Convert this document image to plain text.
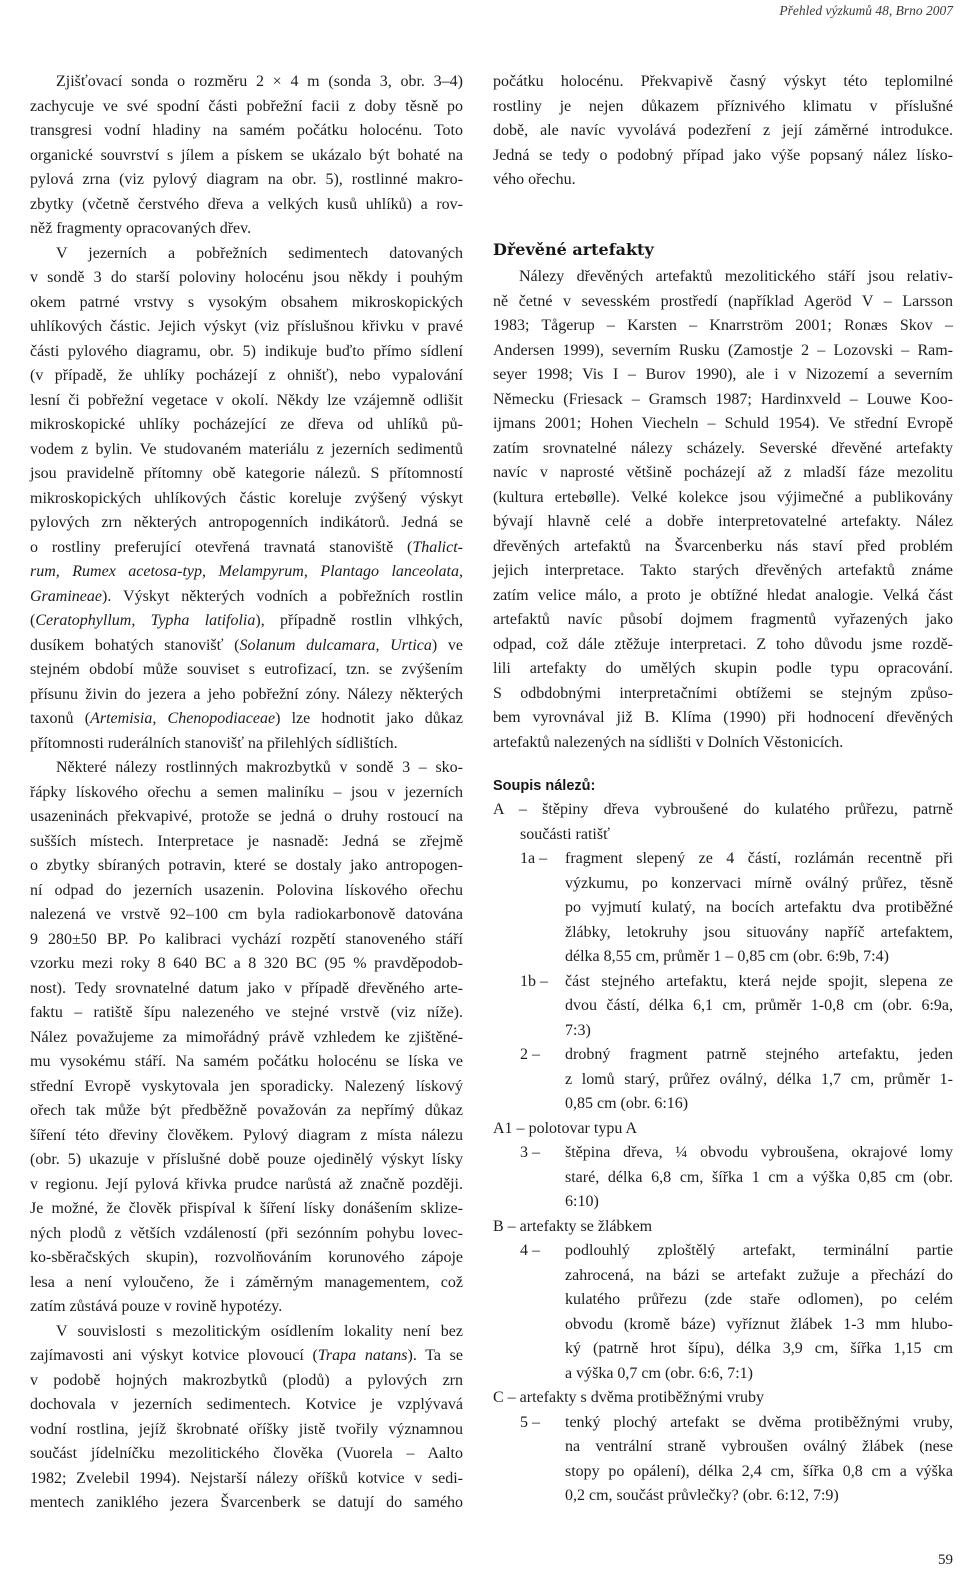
Přehled výzkumů 48, Brno 2007
Zjišťovací sonda o rozměru 2 × 4 m (sonda 3, obr. 3–4)
zachycuje ve své spodní části pobřežní facii z doby těsně po
transgresi vodní hladiny na samém počátku holocénu. Toto
organické souvrství s jílem a pískem se ukázalo být bohaté na
pylová zrna (viz pylový diagram na obr. 5), rostlinné makro-
zbytky (včetně čerstvého dřeva a velkých kusů uhlíků) a rov-
něž fragmenty opracovaných dřev.
V jezerních a pobřežních sedimentech datovaných
v sondě 3 do starší poloviny holocénu jsou někdy i pouhým
okem patrné vrstvy s vysokým obsahem mikroskopických
uhlíkových částic. Jejich výskyt (viz příslušnou křivku v pravé
části pylového diagramu, obr. 5) indikuje buďto přímo sídlení
(v případě, že uhlíky pocházejí z ohnišť), nebo vypalování
lesní či pobřežní vegetace v okolí. Někdy lze vzájemně odlišit
mikroskopické uhlíky pocházející ze dřeva od uhlíků pů-
vodem z bylin. Ve studovaném materiálu z jezerních sedimentů
jsou pravidelně přítomny obě kategorie nálezů. S přítomností
mikroskopických uhlíkových částic koreluje zvýšený výskyt
pylových zrn některých antropogenních indikátorů. Jedná se
o rostliny preferující otevřená travnatá stanoviště (Thalict-
rum, Rumex acetosa-typ, Melampyrum, Plantago lanceolata,
Gramineae). Výskyt některých vodních a pobřežních rostlin
(Ceratophyllum, Typha latifolia), případně rostlin vlhkých,
dusíkem bohatých stanovišť (Solanum dulcamara, Urtica) ve
stejném období může souviset s eutrofizací, tzn. se zvýšením
přísunu živin do jezera a jeho pobřežní zóny. Nálezy některých
taxonů (Artemisia, Chenopodiaceae) lze hodnotit jako důkaz
přítomnosti ruderálních stanovišť na přilehlých sídlištích.
Některé nálezy rostlinných makrozbytků v sondě 3 – sko-
řápky lískového ořechu a semen maliníku – jsou v jezerních
usazeninách překvapivé, protože se jedná o druhy rostoucí na
sušších místech. Interpretace je nasnadě: Jedná se zřejmě
o zbytky sbíraných potravin, které se dostaly jako antropogen-
ní odpad do jezerních usazenin. Polovina lískového ořechu
nalezená ve vrstvě 92–100 cm byla radiokarbonově datována
9 280±50 BP. Po kalibraci vychází rozpětí stanoveného stáří
vzorku mezi roky 8 640 BC a 8 320 BC (95 % pravděpodob-
nost). Tedy srovnatelné datum jako v případě dřevěného arte-
faktu – ratiště šípu nalezeného ve stejné vrstvě (viz níže).
Nález považujeme za mimořádný právě vzhledem ke zjištěné-
mu vysokému stáří. Na samém počátku holocénu se líska ve
střední Evropě vyskytovala jen sporadicky. Nalezený lískový
ořech tak může být předběžně považován za nepřímý důkaz
šíření této dřeviny člověkem. Pylový diagram z místa nálezu
(obr. 5) ukazuje v příslušné době pouze ojedinělý výskyt lísky
v regionu. Její pylová křivka prudce narůstá až značně později.
Je možné, že člověk přispíval k šíření lísky donášením sklize-
ných plodů z větších vzdáleností (při sezónním pohybu lovec-
ko-sběračských skupin), rozvolňováním korunového zápoje
lesa a není vyloučeno, že i záměrným managementem, což
zatím zůstává pouze v rovině hypotézy.
V souvislosti s mezolitickým osídlením lokality není bez
zajímavosti ani výskyt kotvice plovoucí (Trapa natans). Ta se
v podobě hojných makrozbytků (plodů) a pylových zrn
dochovala v jezerních sedimentech. Kotvice je vzplývavá
vodní rostlina, jejíž škrobnaté oříšky jistě tvořily významnou
součást jídelníčku mezolitického člověka (Vuorela – Aalto
1982; Zvelebil 1994). Nejstarší nálezy oříšků kotvice v sedi-
mentech zaniklého jezera Švarcenberk se datují do samého
počátku holocénu. Překvapivě časný výskyt této teplomilné
rostliny je nejen důkazem příznivého klimatu v příslušné
době, ale navíc vyvolává podezření z její záměrné introdukce.
Jedná se tedy o podobný případ jako výše popsaný nález lísko-
vého ořechu.
Dřevěné artefakty
Nálezy dřevěných artefaktů mezolitického stáří jsou relativ-
ně četné v sevesském prostředí (například Ageröd V – Larsson
1983; Tågerup – Karsten – Knarrström 2001; Ronæs Skov –
Andersen 1999), severním Rusku (Zamostje 2 – Lozovski – Ram-
seyer 1998; Vis I – Burov 1990), ale i v Nizozemí a severním
Německu (Friesack – Gramsch 1987; Hardinxveld – Louwe Koo-
ijmans 2001; Hohen Viecheln – Schuld 1954). Ve střední Evropě
zatím srovnatelné nálezy scházely. Severské dřevěné artefakty
navíc v naprosté většině pocházejí až z mladší fáze mezolitu
(kultura ertebølle). Velké kolekce jsou výjimečné a publikovány
bývají hlavně celé a dobře interpretovatelné artefakty. Nález
dřevěných artefaktů na Švarcenberku nás staví před problém
jejich interpretace. Takto starých dřevěných artefaktů známe
zatím velice málo, a proto je obtížné hledat analogie. Velká část
artefaktů navíc působí dojmem fragmentů vyřazených jako
odpad, což dále ztěžuje interpretaci. Z toho důvodu jsme rozdě-
lili artefakty do umělých skupin podle typu opracování.
S odbdobnými interpretačními obtížemi se stejným způso-
bem vyrovnával již B. Klíma (1990) při hodnocení dřevěných
artefaktů nalezených na sídlišti v Dolních Věstonicích.
Soupis nálezů:
A – štěpiny dřeva vybroušené do kulatého průřezu, patrně
součásti ratišť
1a –	fragment slepený ze 4 částí, rozlámán recentně při
výzkumu, po konzervaci mírně oválný průřez, těsně
po vyjmutí kulatý, na bocích artefaktu dva protiběžné
žlábky, letokruhy jsou situovány napříč artefaktem,
délka 8,55 cm, průměr 1 – 0,85 cm (obr. 6:9b, 7:4)
1b –	část stejného artefaktu, která nejde spojit, slepena ze
dvou částí, délka 6,1 cm, průměr 1-0,8 cm (obr. 6:9a,
7:3)
2 –	drobný fragment patrně stejného artefaktu, jeden
z lomů starý, průřez oválný, délka 1,7 cm, průměr 1-
0,85 cm (obr. 6:16)
A1 – polotovar typu A
3 –	štěpina dřeva, ¼ obvodu vybroušena, okrajové lomy
staré, délka 6,8 cm, šířka 1 cm a výška 0,85 cm (obr.
6:10)
B – artefakty se žlábkem
4 –	podlouhlý zploštělý artefakt, terminální partie
zahrocená, na bázi se artefakt zužuje a přechází do
kulatého průřezu (zde staře odlomen), po celém
obvodu (kromě báze) vyříznut žlábek 1-3 mm hlubo-
ký (patrně hrot šípu), délka 3,9 cm, šířka 1,15 cm
a výška 0,7 cm (obr. 6:6, 7:1)
C – artefakty s dvěma protiběžnými vruby
5 –	tenký plochý artefakt se dvěma protiběžnými vruby,
na ventrální straně vybroušen oválný žlábek (nese
stopy po opálení), délka 2,4 cm, šířka 0,8 cm a výška
0,2 cm, součást průvlečky? (obr. 6:12, 7:9)
59
